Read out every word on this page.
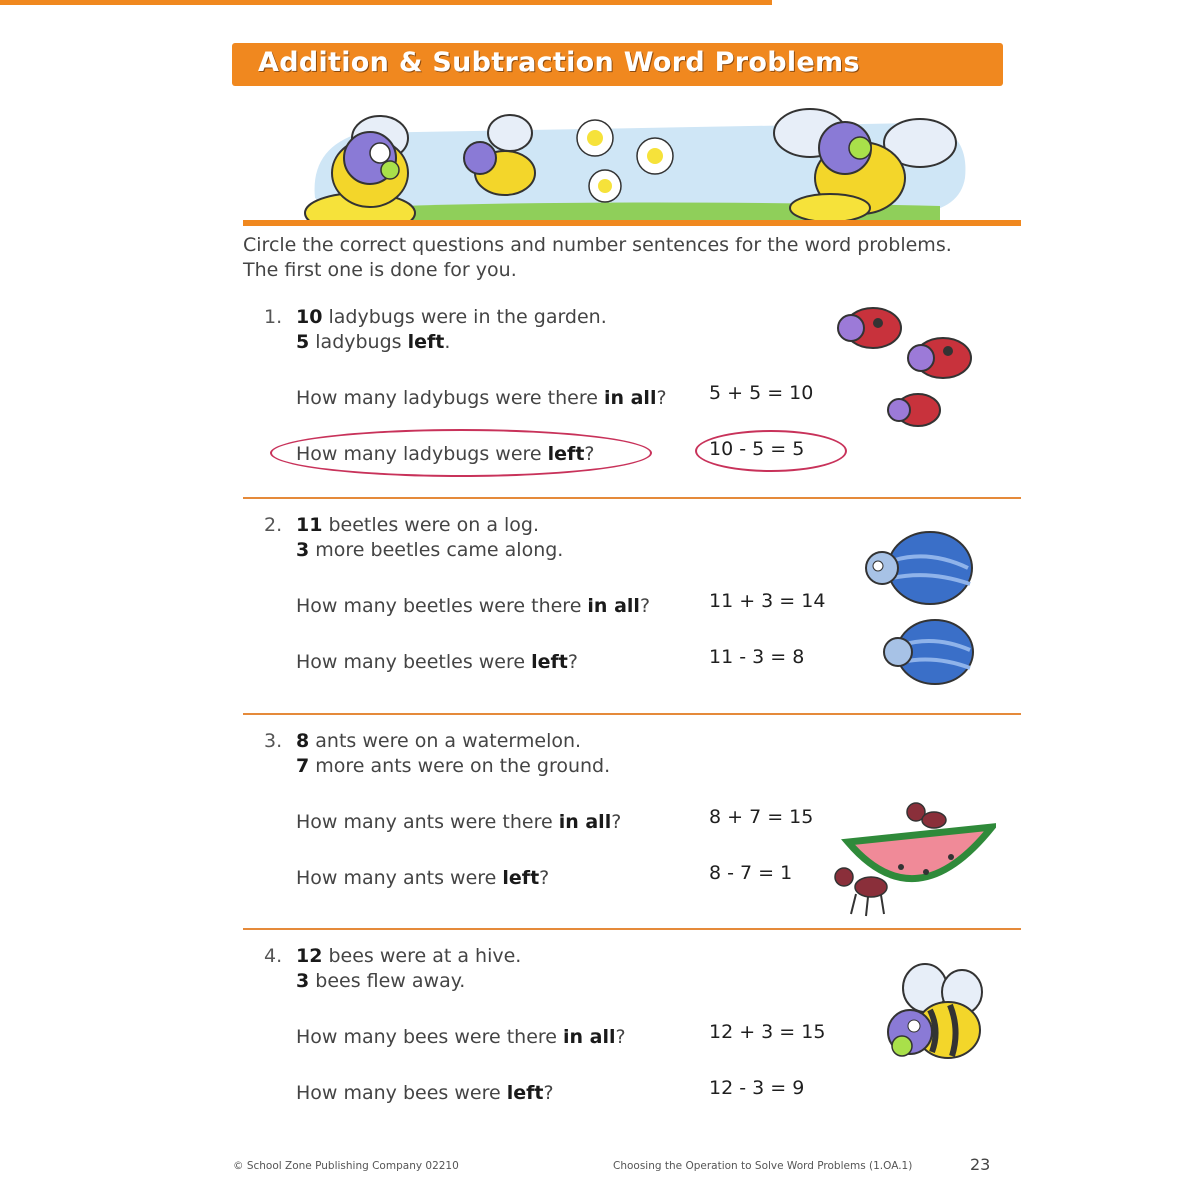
Addition & Subtraction Word Problems
Circle the correct questions and number sentences for the word problems.
The first one is done for you.
1. 10 ladybugs were in the garden.
5 ladybugs left.
How many ladybugs were there in all? 5 + 5 = 10
How many ladybugs were left?	10 - 5 = 5
2. 11 beetles were on a log.
3 more beetles came along.
How many beetles were there in all?	11 + 3 = 14
How many beetles were left?	11 - 3 = 8
3. 8 ants were on a watermelon.
7 more ants were on the ground.
How many ants were there in all?	8 + 7 = 15
How many ants were left?	8 - 7 = 1
4. 12 bees were at a hive.
3 bees flew away.
How many bees were there in all?	12 + 3 = 15
How many bees were left?	12 - 3 = 9
© School Zone Publishing Company 02210	Choosing the Operation to Solve Word Problems (1.OA.1)	23
